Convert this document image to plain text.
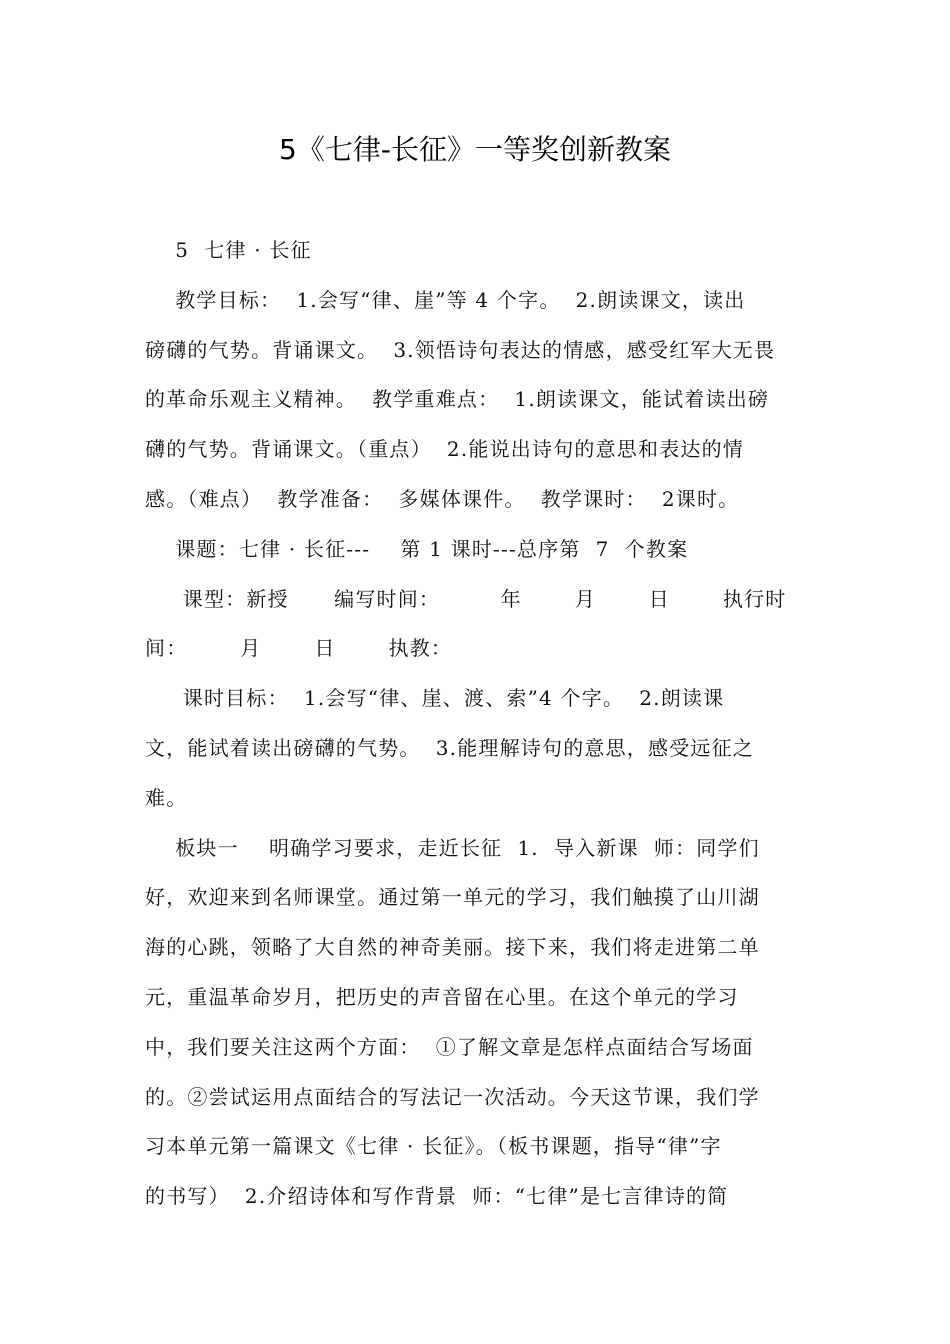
5《七律-长征》一等奖创新教案
5  七律 · 长征
教学目标：  1.会写“律、崖”等 4 个字。  2.朗读课文，读出
磅礴的气势。背诵课文。  3.领悟诗句表达的情感，感受红军大无畏
的革命乐观主义精神。  教学重难点：  1.朗读课文，能试着读出磅
礴的气势。背诵课文。（重点）  2.能说出诗句的意思和表达的情
感。（难点）  教学准备：  多媒体课件。  教学课时：  2课时。
课题：七律 · 长征---    第 1 课时---总序第  7  个教案
课型：新授      编写时间：        年       月       日       执行时
间：       月       日       执教：
课时目标：  1.会写“律、崖、渡、索”4 个字。  2.朗读课
文，能试着读出磅礴的气势。  3.能理解诗句的意思，感受远征之
难。
板块一    明确学习要求，走近长征  1.  导入新课  师：同学们
好，欢迎来到名师课堂。通过第一单元的学习，我们触摸了山川湖
海的心跳，领略了大自然的神奇美丽。接下来，我们将走进第二单
元，重温革命岁月，把历史的声音留在心里。在这个单元的学习
中，我们要关注这两个方面：  ①了解文章是怎样点面结合写场面
的。②尝试运用点面结合的写法记一次活动。今天这节课，我们学
习本单元第一篇课文《七律 · 长征》。（板书课题，指导“律”字
的书写）  2.介绍诗体和写作背景  师：“七律”是七言律诗的简
